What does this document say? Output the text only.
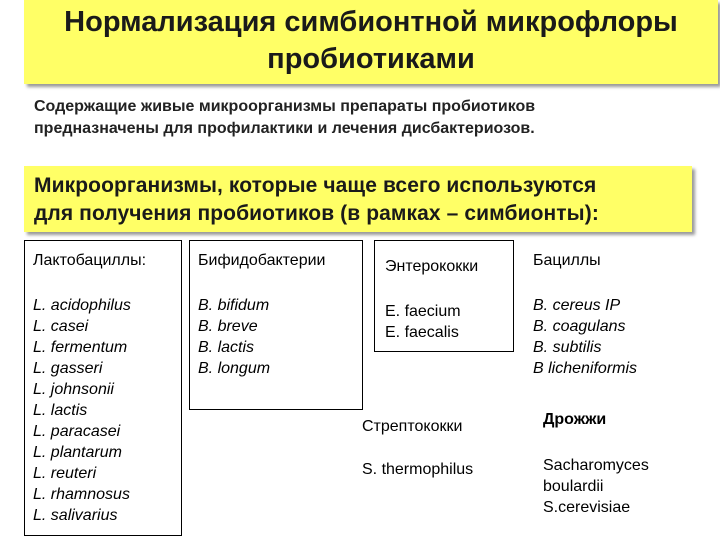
Нормализация симбионтной микрофлоры
пробиотиками
Содержащие живые микроорганизмы препараты пробиотиков
предназначены для профилактики и лечения дисбактериозов.
Микроорганизмы, которые чаще всего используются
для получения пробиотиков (в рамках – симбионты):
Лактобациллы:
L. acidophilus
L. casei
L. fermentum
L. gasseri
L. johnsonii
L. lactis
L. paracasei
L. plantarum
L. reuteri
L. rhamnosus
L. salivarius
Бифидобактерии
B. bifidum
B. breve
B. lactis
B. longum
Энтерококки
E. faecium
E. faecalis
Бациллы
B. cereus IP
B. coagulans
B. subtilis
B licheniformis
Стрептококки
S. thermophilus
Дрожжи
Sacharomyces
boulardii
S.cerevisiae
